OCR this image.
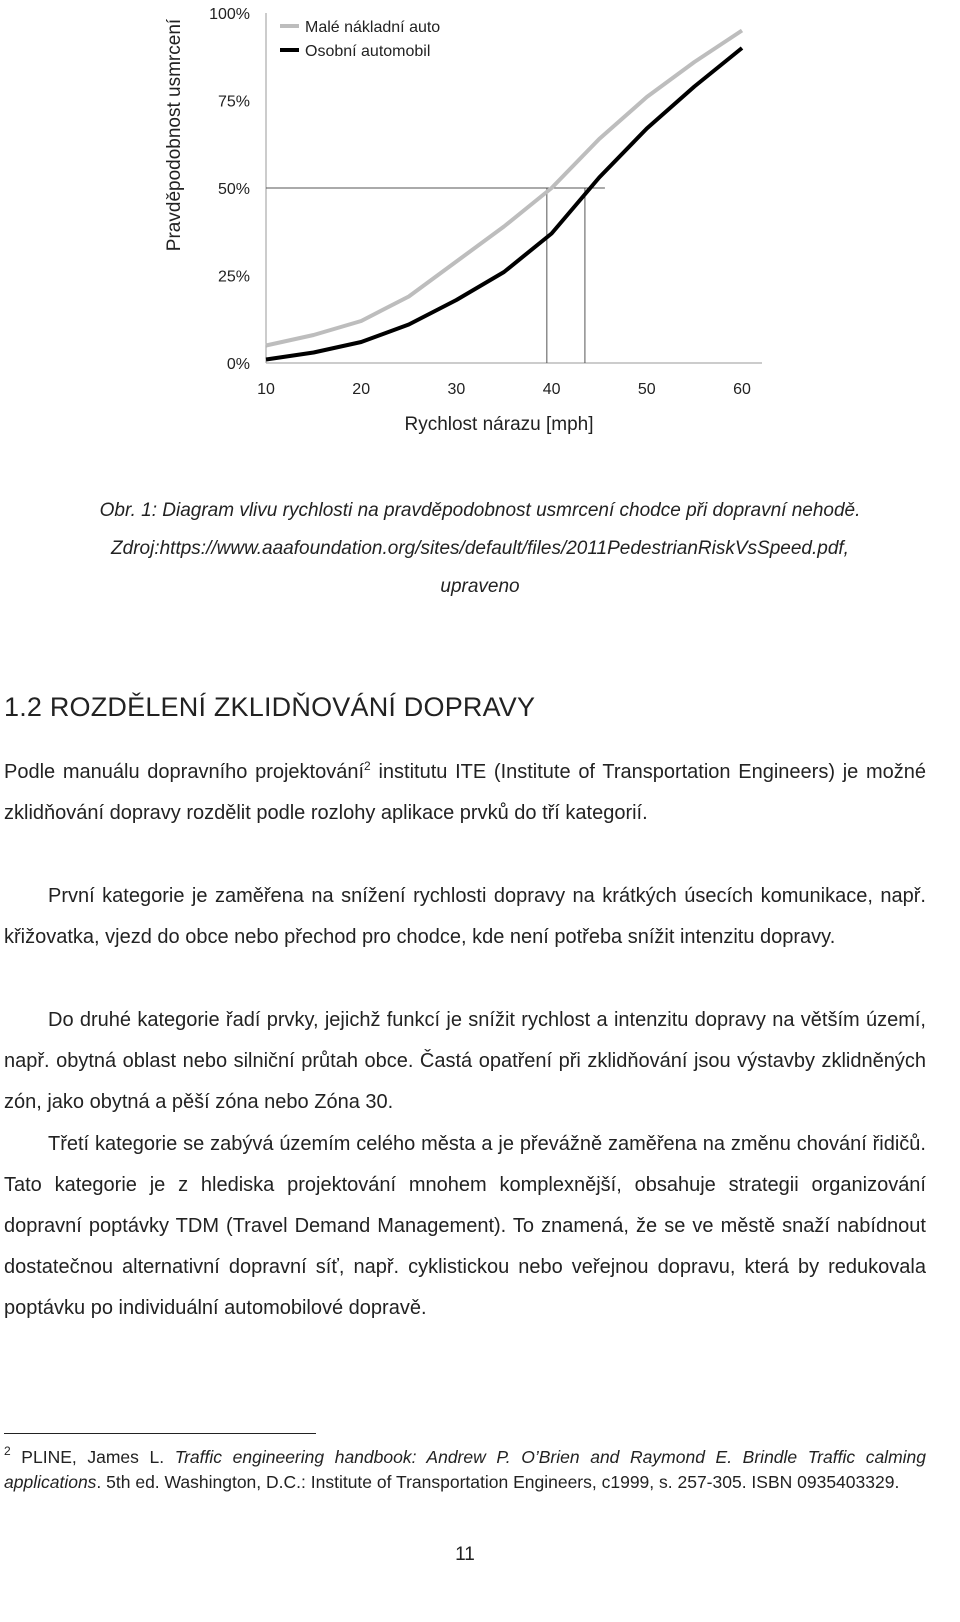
0%
25%
50%
75%
100%
10	20	30	40	50	60
Malé nákladní auto
Osobní automobil
Rychlost nárazu [mph]
Pravděpodobnost usmrcení
Obr. 1: Diagram vlivu rychlosti na pravděpodobnost usmrcení chodce při dopravní nehodě.
Zdroj:https://www.aaafoundation.org/sites/default/files/2011PedestrianRiskVsSpeed.pdf,
upraveno
1.2 ROZDĚLENÍ ZKLIDŇOVÁNÍ DOPRAVY
Podle manuálu dopravního projektování$^2$ institutu ITE (Institute of Transportation Engineers) je možné zklidňování dopravy rozdělit podle rozlohy aplikace prvků do tří kategorií.
První kategorie je zaměřena na snížení rychlosti dopravy na krátkých úsecích komunikace, např. křižovatka, vjezd do obce nebo přechod pro chodce, kde není potřeba snížit intenzitu dopravy.
Do druhé kategorie řadí prvky, jejichž funkcí je snížit rychlost a intenzitu dopravy na větším území, např. obytná oblast nebo silniční průtah obce. Častá opatření při zklidňování jsou výstavby zklidněných zón, jako obytná a pěší zóna nebo Zóna 30.
Třetí kategorie se zabývá územím celého města a je převážně zaměřena na změnu chování řidičů. Tato kategorie je z hlediska projektování mnohem komplexnější, obsahuje strategii organizování dopravní poptávky TDM (Travel Demand Management). To znamená, že se ve městě snaží nabídnout dostatečnou alternativní dopravní síť, např. cyklistickou nebo veřejnou dopravu, která by redukovala poptávku po individuální automobilové dopravě.
$^2$ PLINE, James L. Traffic engineering handbook: Andrew P. O’Brien and Raymond E. Brindle Traffic calming applications. 5th ed. Washington, D.C.: Institute of Transportation Engineers, c1999, s. 257-305. ISBN 0935403329.
11
